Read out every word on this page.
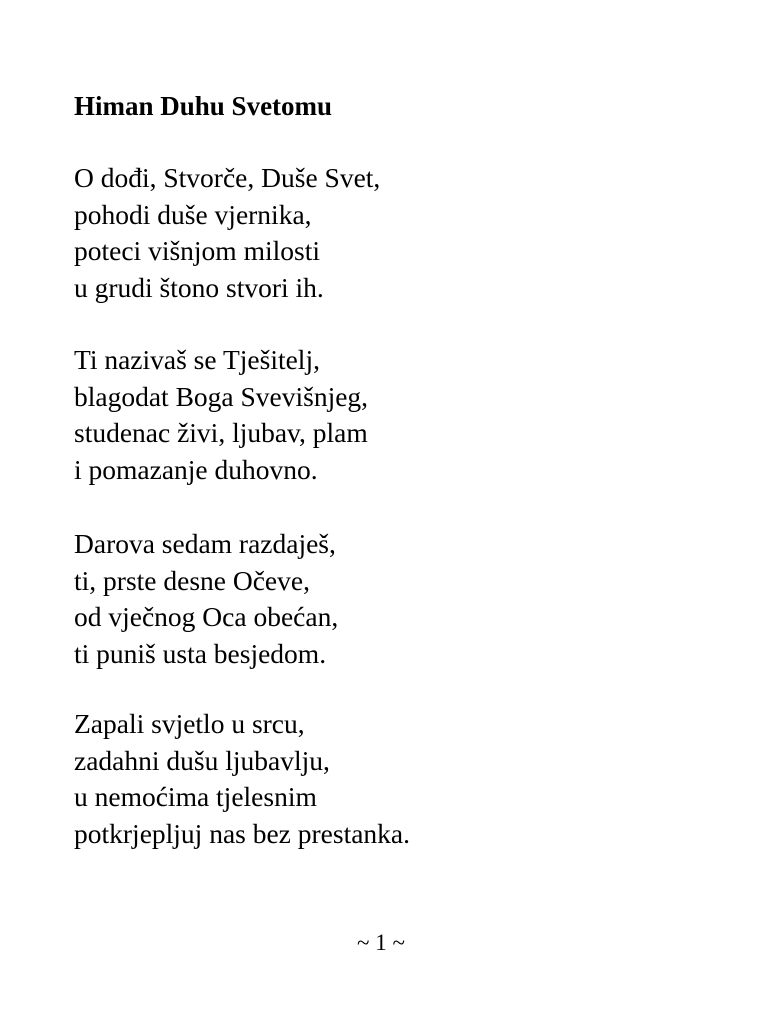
Himan Duhu Svetomu
O dođi, Stvorče, Duše Svet,
pohodi duše vjernika,
poteci višnjom milosti
u grudi štono stvori ih.
Ti nazivaš se Tješitelj,
blagodat Boga Svevišnjeg,
studenac živi, ljubav, plam
i pomazanje duhovno.
Darova sedam razdaješ,
ti, prste desne Očeve,
od vječnog Oca obećan,
ti puniš usta besjedom.
Zapali svjetlo u srcu,
zadahni dušu ljubavlju,
u nemoćima tjelesnim
potkrjepljuj nas bez prestanka.
~ 1 ~
